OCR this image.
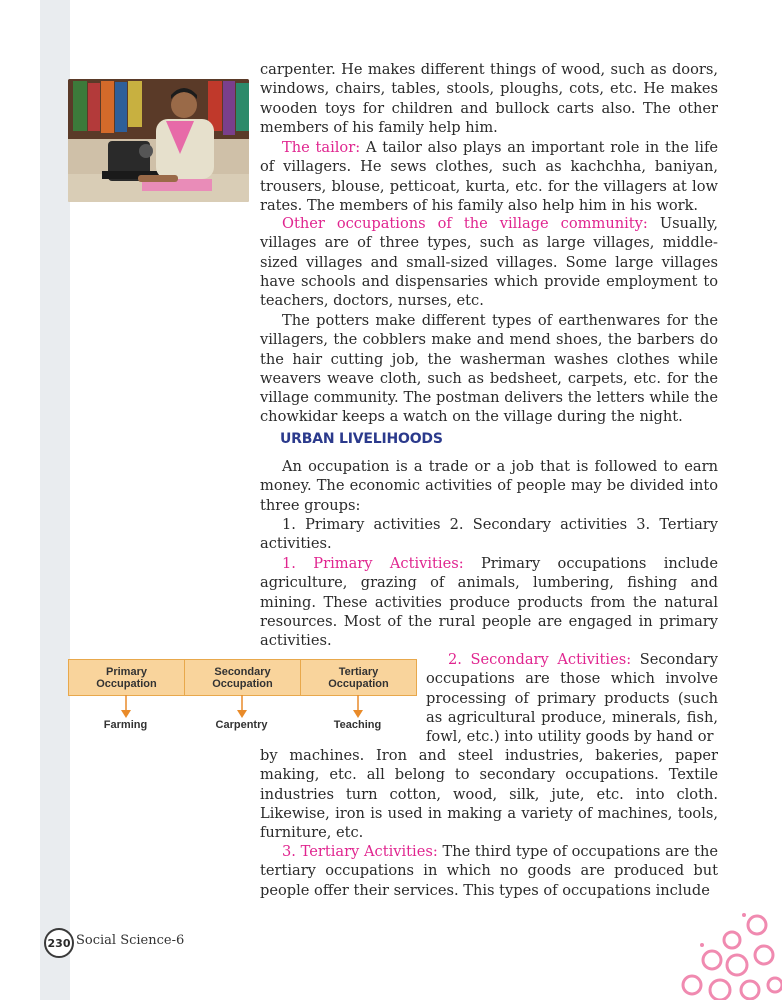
carpenter. He makes different things of wood, such as doors, windows, chairs, tables, stools, ploughs, cots, etc. He makes wooden toys for children and bullock carts also. The other members of his family help him.

The tailor: A tailor also plays an important role in the life of villagers. He sews clothes, such as kachchha, baniyan, trousers, blouse, petticoat, kurta, etc. for the villagers at low rates. The members of his family also help him in his work.

Other occupations of the village community: Usually, villages are of three types, such as large villages, middle-sized villages and small-sized villages. Some large villages have schools and dispensaries which provide employment to teachers, doctors, nurses, etc.

The potters make different types of earthenwares for the villagers, the cobblers make and mend shoes, the barbers do the hair cutting job, the washerman washes clothes while weavers weave cloth, such as bedsheet, carpets, etc. for the village community. The postman delivers the letters while the chowkidar keeps a watch on the village during the night.

URBAN LIVELIHOODS

An occupation is a trade or a job that is followed to earn money. The economic activities of people may be divided into three groups:

1. Primary activities 2. Secondary activities 3. Tertiary activities.

1. Primary Activities: Primary occupations include agriculture, grazing of animals, lumbering, fishing and mining. These activities produce products from the natural resources. Most of the rural people are engaged in primary activities.

2. Secondary Activities: Secondary occupations are those which involve processing of primary products (such as agricultural produce, minerals, fish, fowl, etc.) into utility goods by hand or

by machines. Iron and steel industries, bakeries, paper making, etc. all belong to secondary occupations. Textile industries turn cotton, wood, silk, jute, etc. into cloth. Likewise, iron is used in making a variety of machines, tools, furniture, etc.

3. Tertiary Activities: The third type of occupations are the tertiary occupations in which no goods are produced but people offer their services. This types of occupations include

Primary
Occupation
Secondary
Occupation
Tertiary
Occupation
Farming	Carpentry	Teaching
230 Social Science-6
